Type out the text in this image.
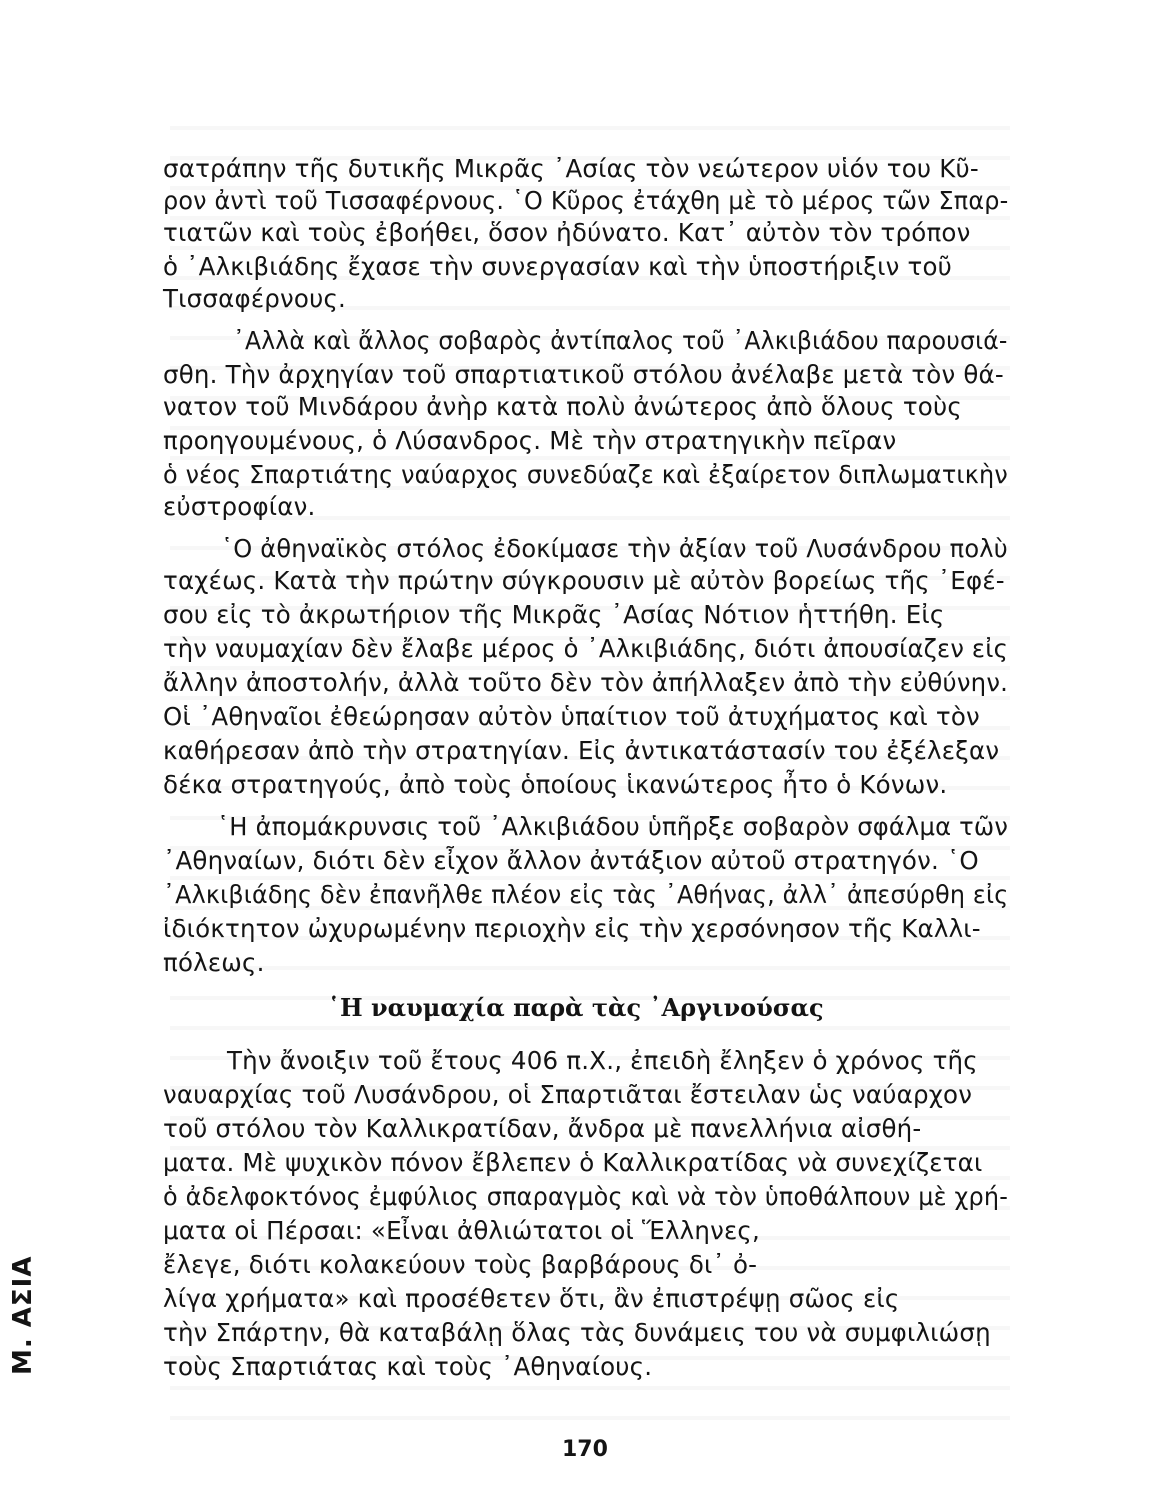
σατράπην τῆς δυτικῆς Μικρᾶς ᾿Ασίας τὸν νεώτερον υἱόν του Κῦ-
ρον ἀντὶ τοῦ Τισσαφέρνους. ῾Ο Κῦρος ἐτάχθη μὲ τὸ μέρος τῶν Σπαρ-
τιατῶν καὶ τοὺς ἐβοήθει, ὅσον ἠδύνατο. Κατ᾿ αὐτὸν τὸν τρόπον
ὁ ᾿Αλκιβιάδης ἔχασε τὴν συνεργασίαν καὶ τὴν ὑποστήριξιν τοῦ
Τισσαφέρνους.
᾿Αλλὰ καὶ ἄλλος σοβαρὸς ἀντίπαλος τοῦ ᾿Αλκιβιάδου παρουσιά-
σθη. Τὴν ἀρχηγίαν τοῦ σπαρτιατικοῦ στόλου ἀνέλαβε μετὰ τὸν θά-
νατον τοῦ Μινδάρου ἀνὴρ κατὰ πολὺ ἀνώτερος ἀπὸ ὅλους τοὺς
προηγουμένους, ὁ Λύσανδρος. Μὲ τὴν στρατηγικὴν πεῖραν
ὁ νέος Σπαρτιάτης ναύαρχος συνεδύαζε καὶ ἐξαίρετον διπλωματικὴν
εὐστροφίαν.
῾Ο ἀθηναϊκὸς στόλος ἐδοκίμασε τὴν ἀξίαν τοῦ Λυσάνδρου πολὺ
ταχέως. Κατὰ τὴν πρώτην σύγκρουσιν μὲ αὐτὸν βορείως τῆς ᾿Εφέ-
σου εἰς τὸ ἀκρωτήριον τῆς Μικρᾶς ᾿Ασίας Νότιον ἡττήθη. Εἰς
τὴν ναυμαχίαν δὲν ἔλαβε μέρος ὁ ᾿Αλκιβιάδης, διότι ἀπουσίαζεν εἰς
ἄλλην ἀποστολήν, ἀλλὰ τοῦτο δὲν τὸν ἀπήλλαξεν ἀπὸ τὴν εὐθύνην.
Οἱ ᾿Αθηναῖοι ἐθεώρησαν αὐτὸν ὑπαίτιον τοῦ ἀτυχήματος καὶ τὸν
καθήρεσαν ἀπὸ τὴν στρατηγίαν. Εἰς ἀντικατάστασίν του ἐξέλεξαν
δέκα στρατηγούς, ἀπὸ τοὺς ὁποίους ἱκανώτερος ἦτο ὁ Κόνων.
῾Η ἀπομάκρυνσις τοῦ ᾿Αλκιβιάδου ὑπῆρξε σοβαρὸν σφάλμα τῶν
᾿Αθηναίων, διότι δὲν εἶχον ἄλλον ἀντάξιον αὐτοῦ στρατηγόν. ῾Ο
᾿Αλκιβιάδης δὲν ἐπανῆλθε πλέον εἰς τὰς ᾿Αθήνας, ἀλλ᾿ ἀπεσύρθη εἰς
ἰδιόκτητον ὠχυρωμένην περιοχὴν εἰς τὴν χερσόνησον τῆς Καλλι-
πόλεως.
Τὴν ἄνοιξιν τοῦ ἔτους 406 π.Χ., ἐπειδὴ ἔληξεν ὁ χρόνος τῆς
ναυαρχίας τοῦ Λυσάνδρου, οἱ Σπαρτιᾶται ἔστειλαν ὡς ναύαρχον
τοῦ στόλου τὸν Καλλικρατίδαν, ἄνδρα μὲ πανελλήνια αἰσθή-
ματα. Μὲ ψυχικὸν πόνον ἔβλεπεν ὁ Καλλικρατίδας νὰ συνεχίζεται
ὁ ἀδελφοκτόνος ἐμφύλιος σπαραγμὸς καὶ νὰ τὸν ὑποθάλπουν μὲ χρή-
ματα οἱ Πέρσαι: «Εἶναι ἀθλιώτατοι οἱ Ἕλληνες,
ἔλεγε, διότι κολακεύουν τοὺς βαρβάρους δι᾿ ὀ-
λίγα χρήματα» καὶ προσέθετεν ὅτι, ἂν ἐπιστρέψῃ σῶος εἰς
τὴν Σπάρτην, θὰ καταβάλῃ ὅλας τὰς δυνάμεις του νὰ συμφιλιώσῃ
τοὺς Σπαρτιάτας καὶ τοὺς ᾿Αθηναίους.
῾Η ναυμαχία παρὰ τὰς ᾿Αργινούσας
170
Μ. ΑΣΙΑ
